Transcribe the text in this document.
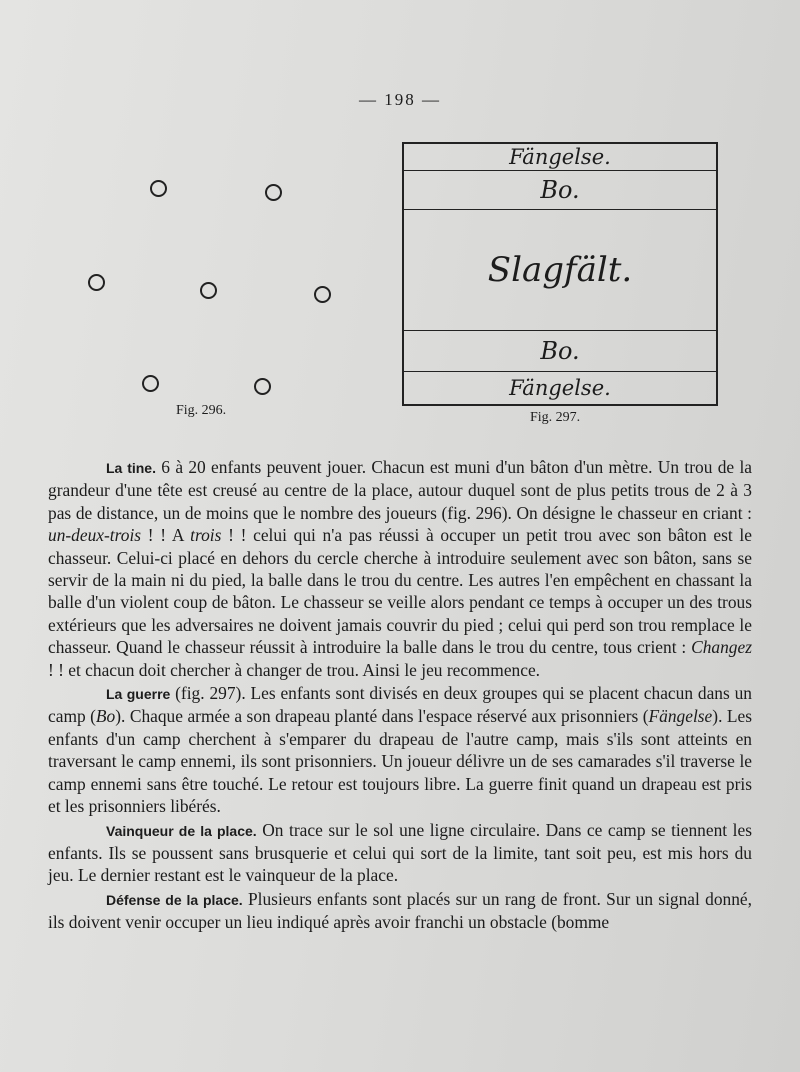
— 198 —
Fig. 296.
Fängelse.
Bo.
Slagfält.
Bo.
Fängelse.
Fig. 297.

La tine. 6 à 20 enfants peuvent jouer. Chacun est muni d'un bâton d'un mètre. Un trou de la grandeur d'une tête est creusé au centre de la place, autour duquel sont de plus petits trous de 2 à 3 pas de distance, un de moins que le nombre des joueurs (fig. 296). On désigne le chasseur en criant : un-deux-trois ! ! A trois ! ! celui qui n'a pas réussi à occuper un petit trou avec son bâton est le chasseur. Celui-ci placé en dehors du cercle cherche à introduire seulement avec son bâton, sans se servir de la main ni du pied, la balle dans le trou du centre. Les autres l'en empêchent en chassant la balle d'un violent coup de bâton. Le chasseur se veille alors pendant ce temps à occuper un des trous extérieurs que les adversaires ne doivent jamais couvrir du pied ; celui qui perd son trou remplace le chasseur. Quand le chasseur réussit à introduire la balle dans le trou du centre, tous crient : Changez ! ! et chacun doit chercher à changer de trou. Ainsi le jeu recommence.

La guerre (fig. 297). Les enfants sont divisés en deux groupes qui se placent chacun dans un camp (Bo). Chaque armée a son drapeau planté dans l'espace réservé aux prisonniers (Fängelse). Les enfants d'un camp cherchent à s'emparer du drapeau de l'autre camp, mais s'ils sont atteints en traversant le camp ennemi, ils sont prisonniers. Un joueur délivre un de ses camarades s'il traverse le camp ennemi sans être touché. Le retour est toujours libre. La guerre finit quand un drapeau est pris et les prisonniers libérés.

Vainqueur de la place. On trace sur le sol une ligne circulaire. Dans ce camp se tiennent les enfants. Ils se poussent sans brusquerie et celui qui sort de la limite, tant soit peu, est mis hors du jeu. Le dernier restant est le vainqueur de la place.

Défense de la place. Plusieurs enfants sont placés sur un rang de front. Sur un signal donné, ils doivent venir occuper un lieu indiqué après avoir franchi un obstacle (bomme
